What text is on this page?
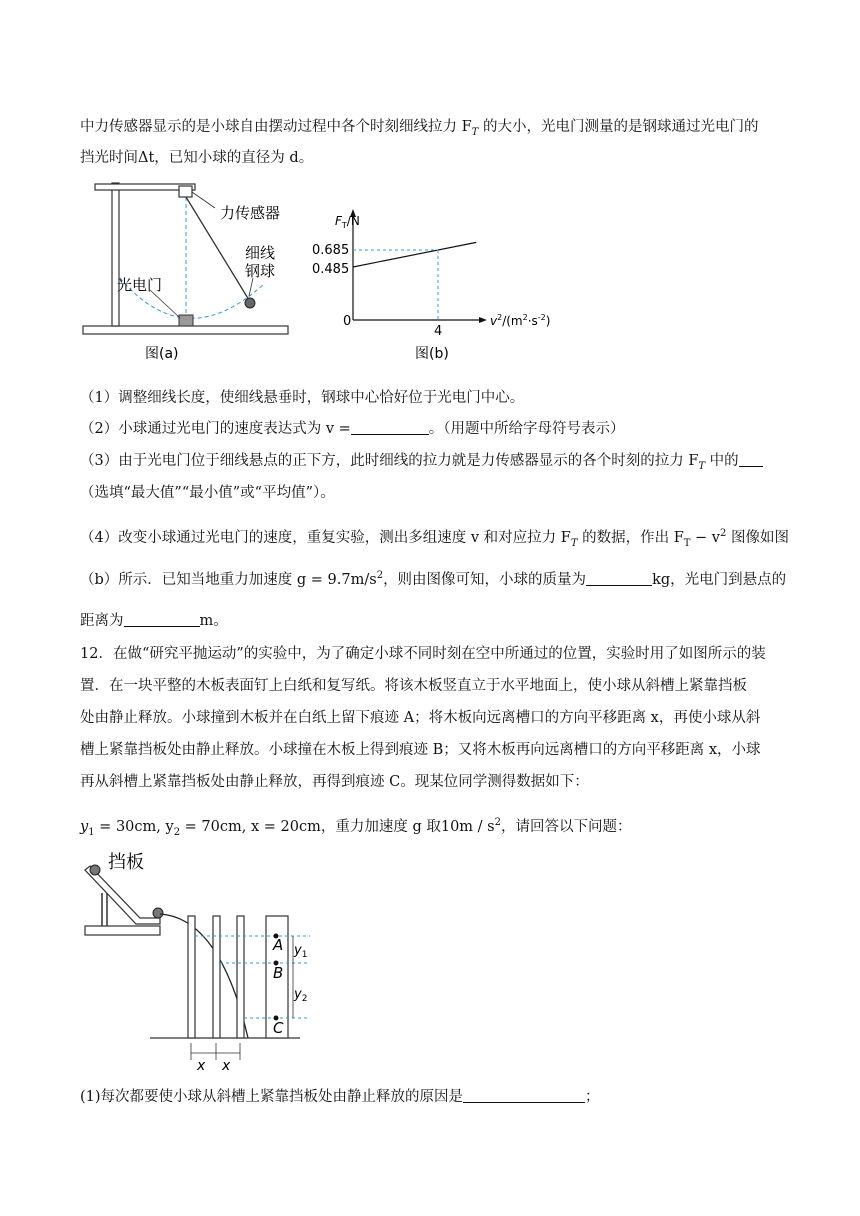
中力传感器显示的是小球自由摆动过程中各个时刻细线拉力 $F_T$ 的大小，光电门测量的是钢球通过光电门的
挡光时间Δt，已知小球的直径为 d。
力传感器
细线
钢球
光电门
图(a)
$F_T/N$
0
0.685
0.485
4
$v^2/(m^2\cdot s^{-2})$
图(b)
（1）调整细线长度，使细线悬垂时，钢球中心恰好位于光电门中心。
（2）小球通过光电门的速度表达式为 v =	。（用题中所给字母符号表示）
（3）由于光电门位于细线悬点的正下方，此时细线的拉力就是力传感器显示的各个时刻的拉力 $F_T$ 中的
（选填“最大值”“最小值”或“平均值”）。
（4）改变小球通过光电门的速度，重复实验，测出多组速度 v 和对应拉力 $F_T$ 的数据，作出 $F_T - v^2$ 图像如图
（b）所示．已知当地重力加速度 $g = 9.7m/s^2$，则由图像可知，小球的质量为	kg，光电门到悬点的
距离为	m。
12．在做“研究平抛运动”的实验中，为了确定小球不同时刻在空中所通过的位置，实验时用了如图所示的装
置．在一块平整的木板表面钉上白纸和复写纸。将该木板竖直立于水平地面上，使小球从斜槽上紧靠挡板
处由静止释放。小球撞到木板并在白纸上留下痕迹 A；将木板向远离槽口的方向平移距离 x，再使小球从斜
槽上紧靠挡板处由静止释放。小球撞在木板上得到痕迹 B；又将木板再向远离槽口的方向平移距离 x，小球
再从斜槽上紧靠挡板处由静止释放，再得到痕迹 C。现某位同学测得数据如下：
$y_1 = 30cm$, $y_2 = 70cm$, x = 20cm，重力加速度 g 取$10m / s^2$，请回答以下问题：
挡板
A
B
C
$y_1$
$y_2$
x x
(1)每次都要使小球从斜槽上紧靠挡板处由静止释放的原因是	；
